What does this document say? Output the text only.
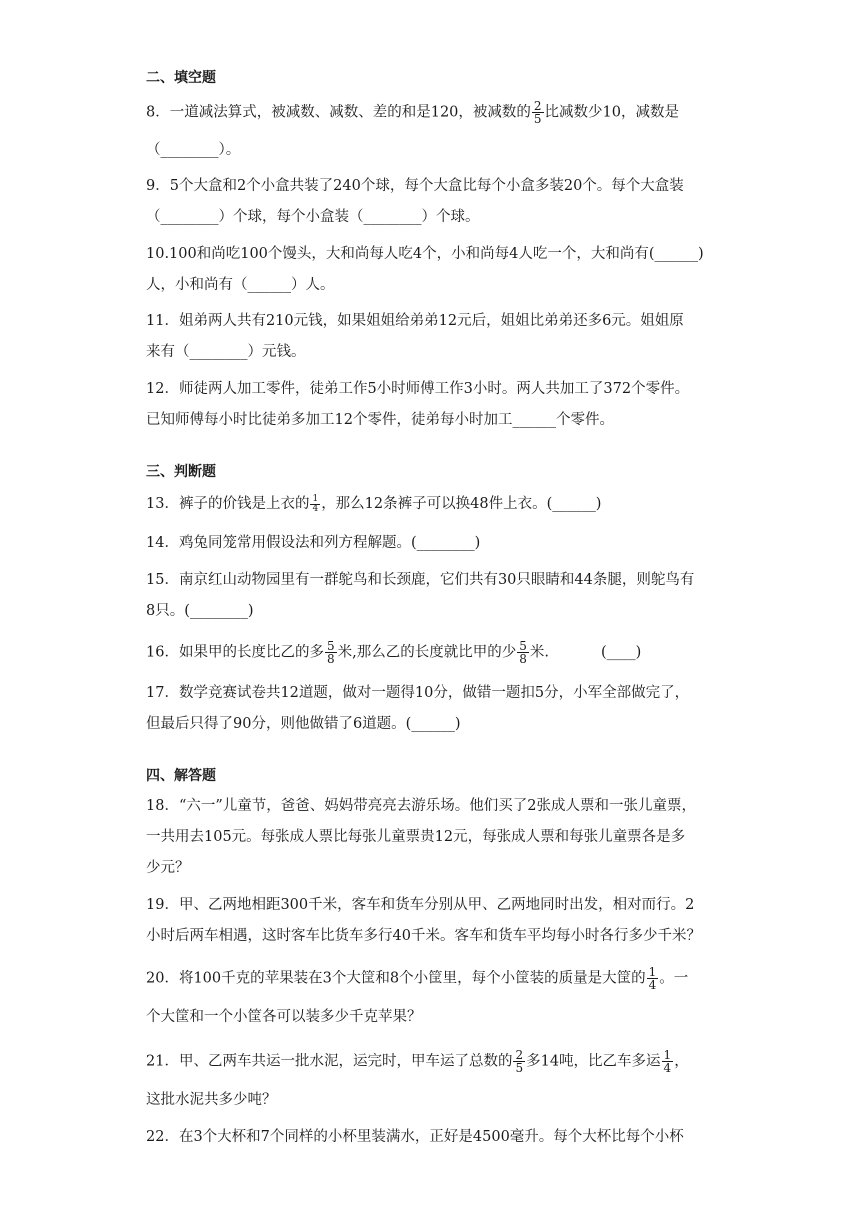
二、填空题
8．一道减法算式，被减数、减数、差的和是120，被减数的 $\frac{2}{5}$ 比减数少10，减数是
（________）。
9．5个大盒和2个小盒共装了240个球，每个大盒比每个小盒多装20个。每个大盒装
（________）个球，每个小盒装（________）个球。
10.100和尚吃100个馒头，大和尚每人吃4个，小和尚每4人吃一个，大和尚有(______)
人，小和尚有（______）人。
11．姐弟两人共有210元钱，如果姐姐给弟弟12元后，姐姐比弟弟还多6元。姐姐原
来有（________）元钱。
12．师徒两人加工零件，徒弟工作5小时师傅工作3小时。两人共加工了372个零件。
已知师傅每小时比徒弟多加工12个零件，徒弟每小时加工______个零件。
三、判断题
13．裤子的价钱是上衣的 $\frac{1}{4}$ ，那么12条裤子可以换48件上衣。(______)
14．鸡兔同笼常用假设法和列方程解题。(________)
15．南京红山动物园里有一群鸵鸟和长颈鹿，它们共有30只眼睛和44条腿，则鸵鸟有
8只。(________)
16．如果甲的长度比乙的多 $\frac{5}{8}$ 米,那么乙的长度就比甲的少 $\frac{5}{8}$ 米.	(____)
17．数学竞赛试卷共12道题，做对一题得10分，做错一题扣5分，小军全部做完了，
但最后只得了90分，则他做错了6道题。(______)
四、解答题
18．“六一”儿童节，爸爸、妈妈带亮亮去游乐场。他们买了2张成人票和一张儿童票，
一共用去105元。每张成人票比每张儿童票贵12元，每张成人票和每张儿童票各是多
少元？
19．甲、乙两地相距300千米，客车和货车分别从甲、乙两地同时出发，相对而行。2
小时后两车相遇，这时客车比货车多行40千米。客车和货车平均每小时各行多少千米？
20．将100千克的苹果装在3个大筐和8个小筐里，每个小筐装的质量是大筐的 $\frac{1}{4}$ 。一
个大筐和一个小筐各可以装多少千克苹果？
21．甲、乙两车共运一批水泥，运完时，甲车运了总数的 $\frac{2}{5}$ 多14吨，比乙车多运 $\frac{1}{4}$ ，
这批水泥共多少吨？
22．在3个大杯和7个同样的小杯里装满水，正好是4500毫升。每个大杯比每个小杯
